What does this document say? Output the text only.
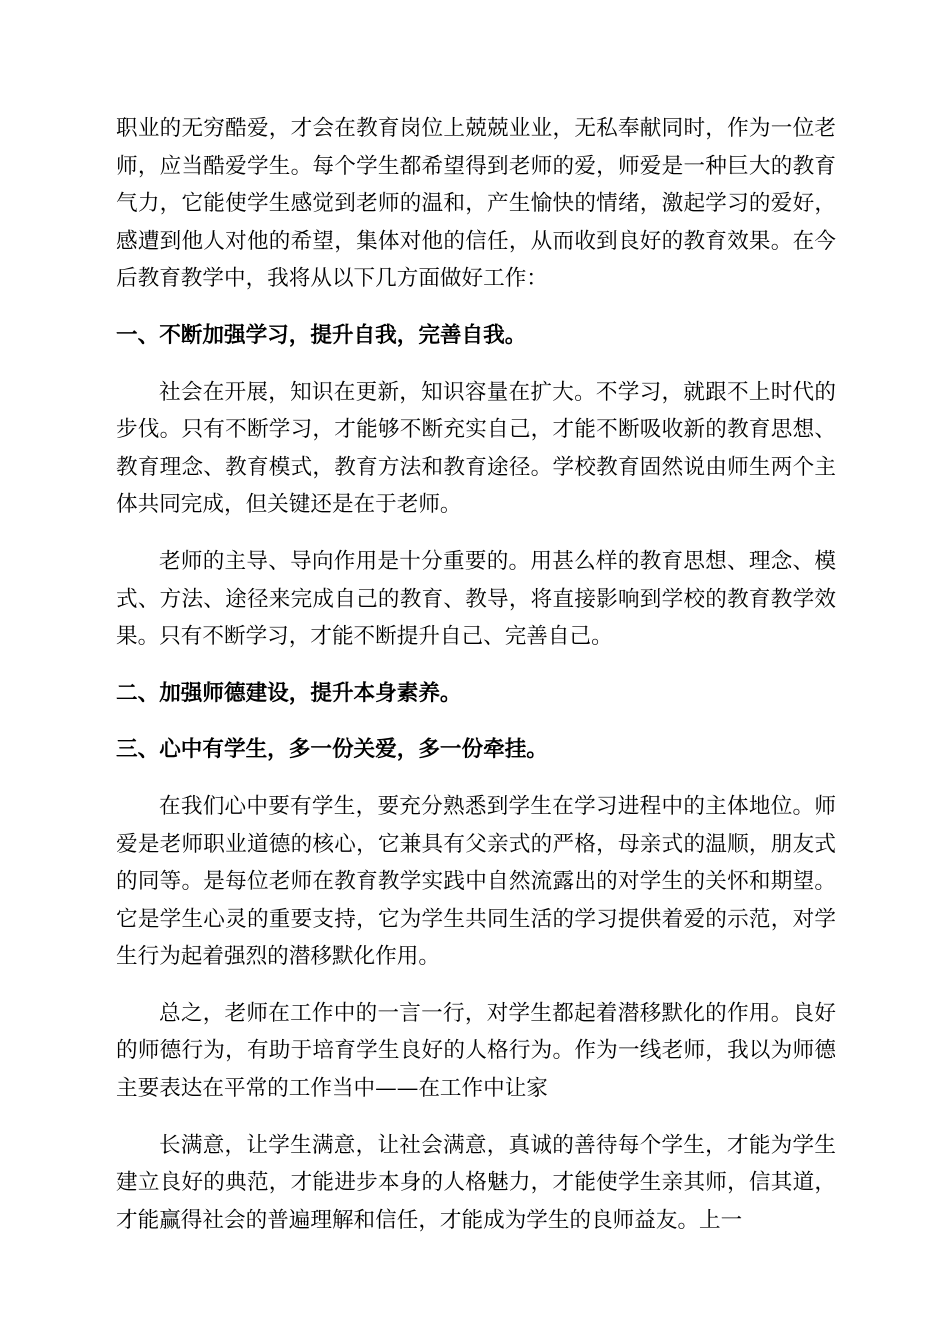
职业的无穷酷爱，才会在教育岗位上兢兢业业，无私奉献同时，作为一位老师，应当酷爱学生。每个学生都希望得到老师的爱，师爱是一种巨大的教育气力，它能使学生感觉到老师的温和，产生愉快的情绪，激起学习的爱好，感遭到他人对他的希望，集体对他的信任，从而收到良好的教育效果。在今后教育教学中，我将从以下几方面做好工作：

一、不断加强学习，提升自我，完善自我。

社会在开展，知识在更新，知识容量在扩大。不学习，就跟不上时代的步伐。只有不断学习，才能够不断充实自己，才能不断吸收新的教育思想、教育理念、教育模式，教育方法和教育途径。学校教育固然说由师生两个主体共同完成，但关键还是在于老师。

老师的主导、导向作用是十分重要的。用甚么样的教育思想、理念、模式、方法、途径来完成自己的教育、教导，将直接影响到学校的教育教学效果。只有不断学习，才能不断提升自己、完善自己。

二、加强师德建设，提升本身素养。

三、心中有学生，多一份关爱，多一份牵挂。

在我们心中要有学生，要充分熟悉到学生在学习进程中的主体地位。师爱是老师职业道德的核心，它兼具有父亲式的严格，母亲式的温顺，朋友式的同等。是每位老师在教育教学实践中自然流露出的对学生的关怀和期望。它是学生心灵的重要支持，它为学生共同生活的学习提供着爱的示范，对学生行为起着强烈的潜移默化作用。

总之，老师在工作中的一言一行，对学生都起着潜移默化的作用。良好的师德行为，有助于培育学生良好的人格行为。作为一线老师，我以为师德主要表达在平常的工作当中——在工作中让家

长满意，让学生满意，让社会满意，真诚的善待每个学生，才能为学生建立良好的典范，才能进步本身的人格魅力，才能使学生亲其师，信其道，才能赢得社会的普遍理解和信任，才能成为学生的良师益友。上一
